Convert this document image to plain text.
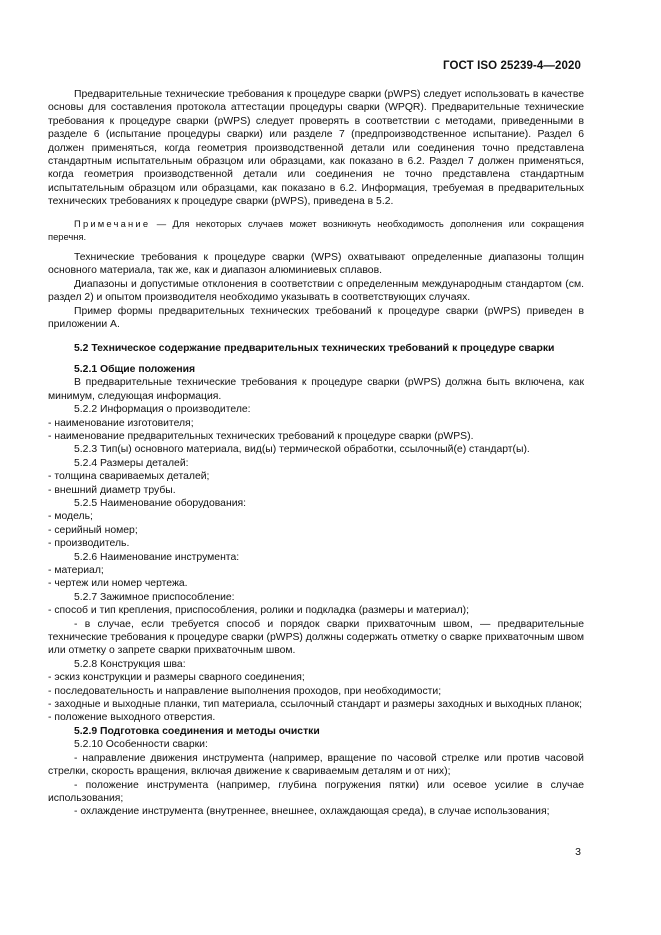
ГОСТ ISO 25239-4—2020

Предварительные технические требования к процедуре сварки (pWPS) следует использовать в качестве основы для составления протокола аттестации процедуры сварки (WPQR). Предварительные технические требования к процедуре сварки (pWPS) следует проверять в соответствии с методами, приведенными в разделе 6 (испытание процедуры сварки) или разделе 7 (предпроизводственное испытание). Раздел 6 должен применяться, когда геометрия производственной детали или соединения точно представлена стандартным испытательным образцом или образцами, как показано в 6.2. Раздел 7 должен применяться, когда геометрия производственной детали или соединения не точно представлена стандартным испытательным образцом или образцами, как показано в 6.2. Информация, требуемая в предварительных технических требованиях к процедуре сварки (pWPS), приведена в 5.2.

Примечание — Для некоторых случаев может возникнуть необходимость дополнения или сокращения перечня.

Технические требования к процедуре сварки (WPS) охватывают определенные диапазоны толщин основного материала, так же, как и диапазон алюминиевых сплавов.

Диапазоны и допустимые отклонения в соответствии с определенным международным стандартом (см. раздел 2) и опытом производителя необходимо указывать в соответствующих случаях.

Пример формы предварительных технических требований к процедуре сварки (pWPS) приведен в приложении А.

5.2 Техническое содержание предварительных технических требований к процедуре сварки

5.2.1 Общие положения

В предварительные технические требования к процедуре сварки (pWPS) должна быть включена, как минимум, следующая информация.

5.2.2 Информация о производителе:

- наименование изготовителя;

- наименование предварительных технических требований к процедуре сварки (pWPS).

5.2.3 Тип(ы) основного материала, вид(ы) термической обработки, ссылочный(е) стандарт(ы).

5.2.4 Размеры деталей:

- толщина свариваемых деталей;

- внешний диаметр трубы.

5.2.5 Наименование оборудования:

- модель;

- серийный номер;

- производитель.

5.2.6 Наименование инструмента:

- материал;

- чертеж или номер чертежа.

5.2.7 Зажимное приспособление:

- способ и тип крепления, приспособления, ролики и подкладка (размеры и материал);

- в случае, если требуется способ и порядок сварки прихваточным швом, — предварительные технические требования к процедуре сварки (pWPS) должны содержать отметку о сварке прихваточным швом или отметку о запрете сварки прихваточным швом.

5.2.8 Конструкция шва:

- эскиз конструкции и размеры сварного соединения;

- последовательность и направление выполнения проходов, при необходимости;

- заходные и выходные планки, тип материала, ссылочный стандарт и размеры заходных и выходных планок;

- положение выходного отверстия.

5.2.9 Подготовка соединения и методы очистки

5.2.10 Особенности сварки:

- направление движения инструмента (например, вращение по часовой стрелке или против часовой стрелки, скорость вращения, включая движение к свариваемым деталям и от них);

- положение инструмента (например, глубина погружения пятки) или осевое усилие в случае использования;

- охлаждение инструмента (внутреннее, внешнее, охлаждающая среда), в случае использования;

3
